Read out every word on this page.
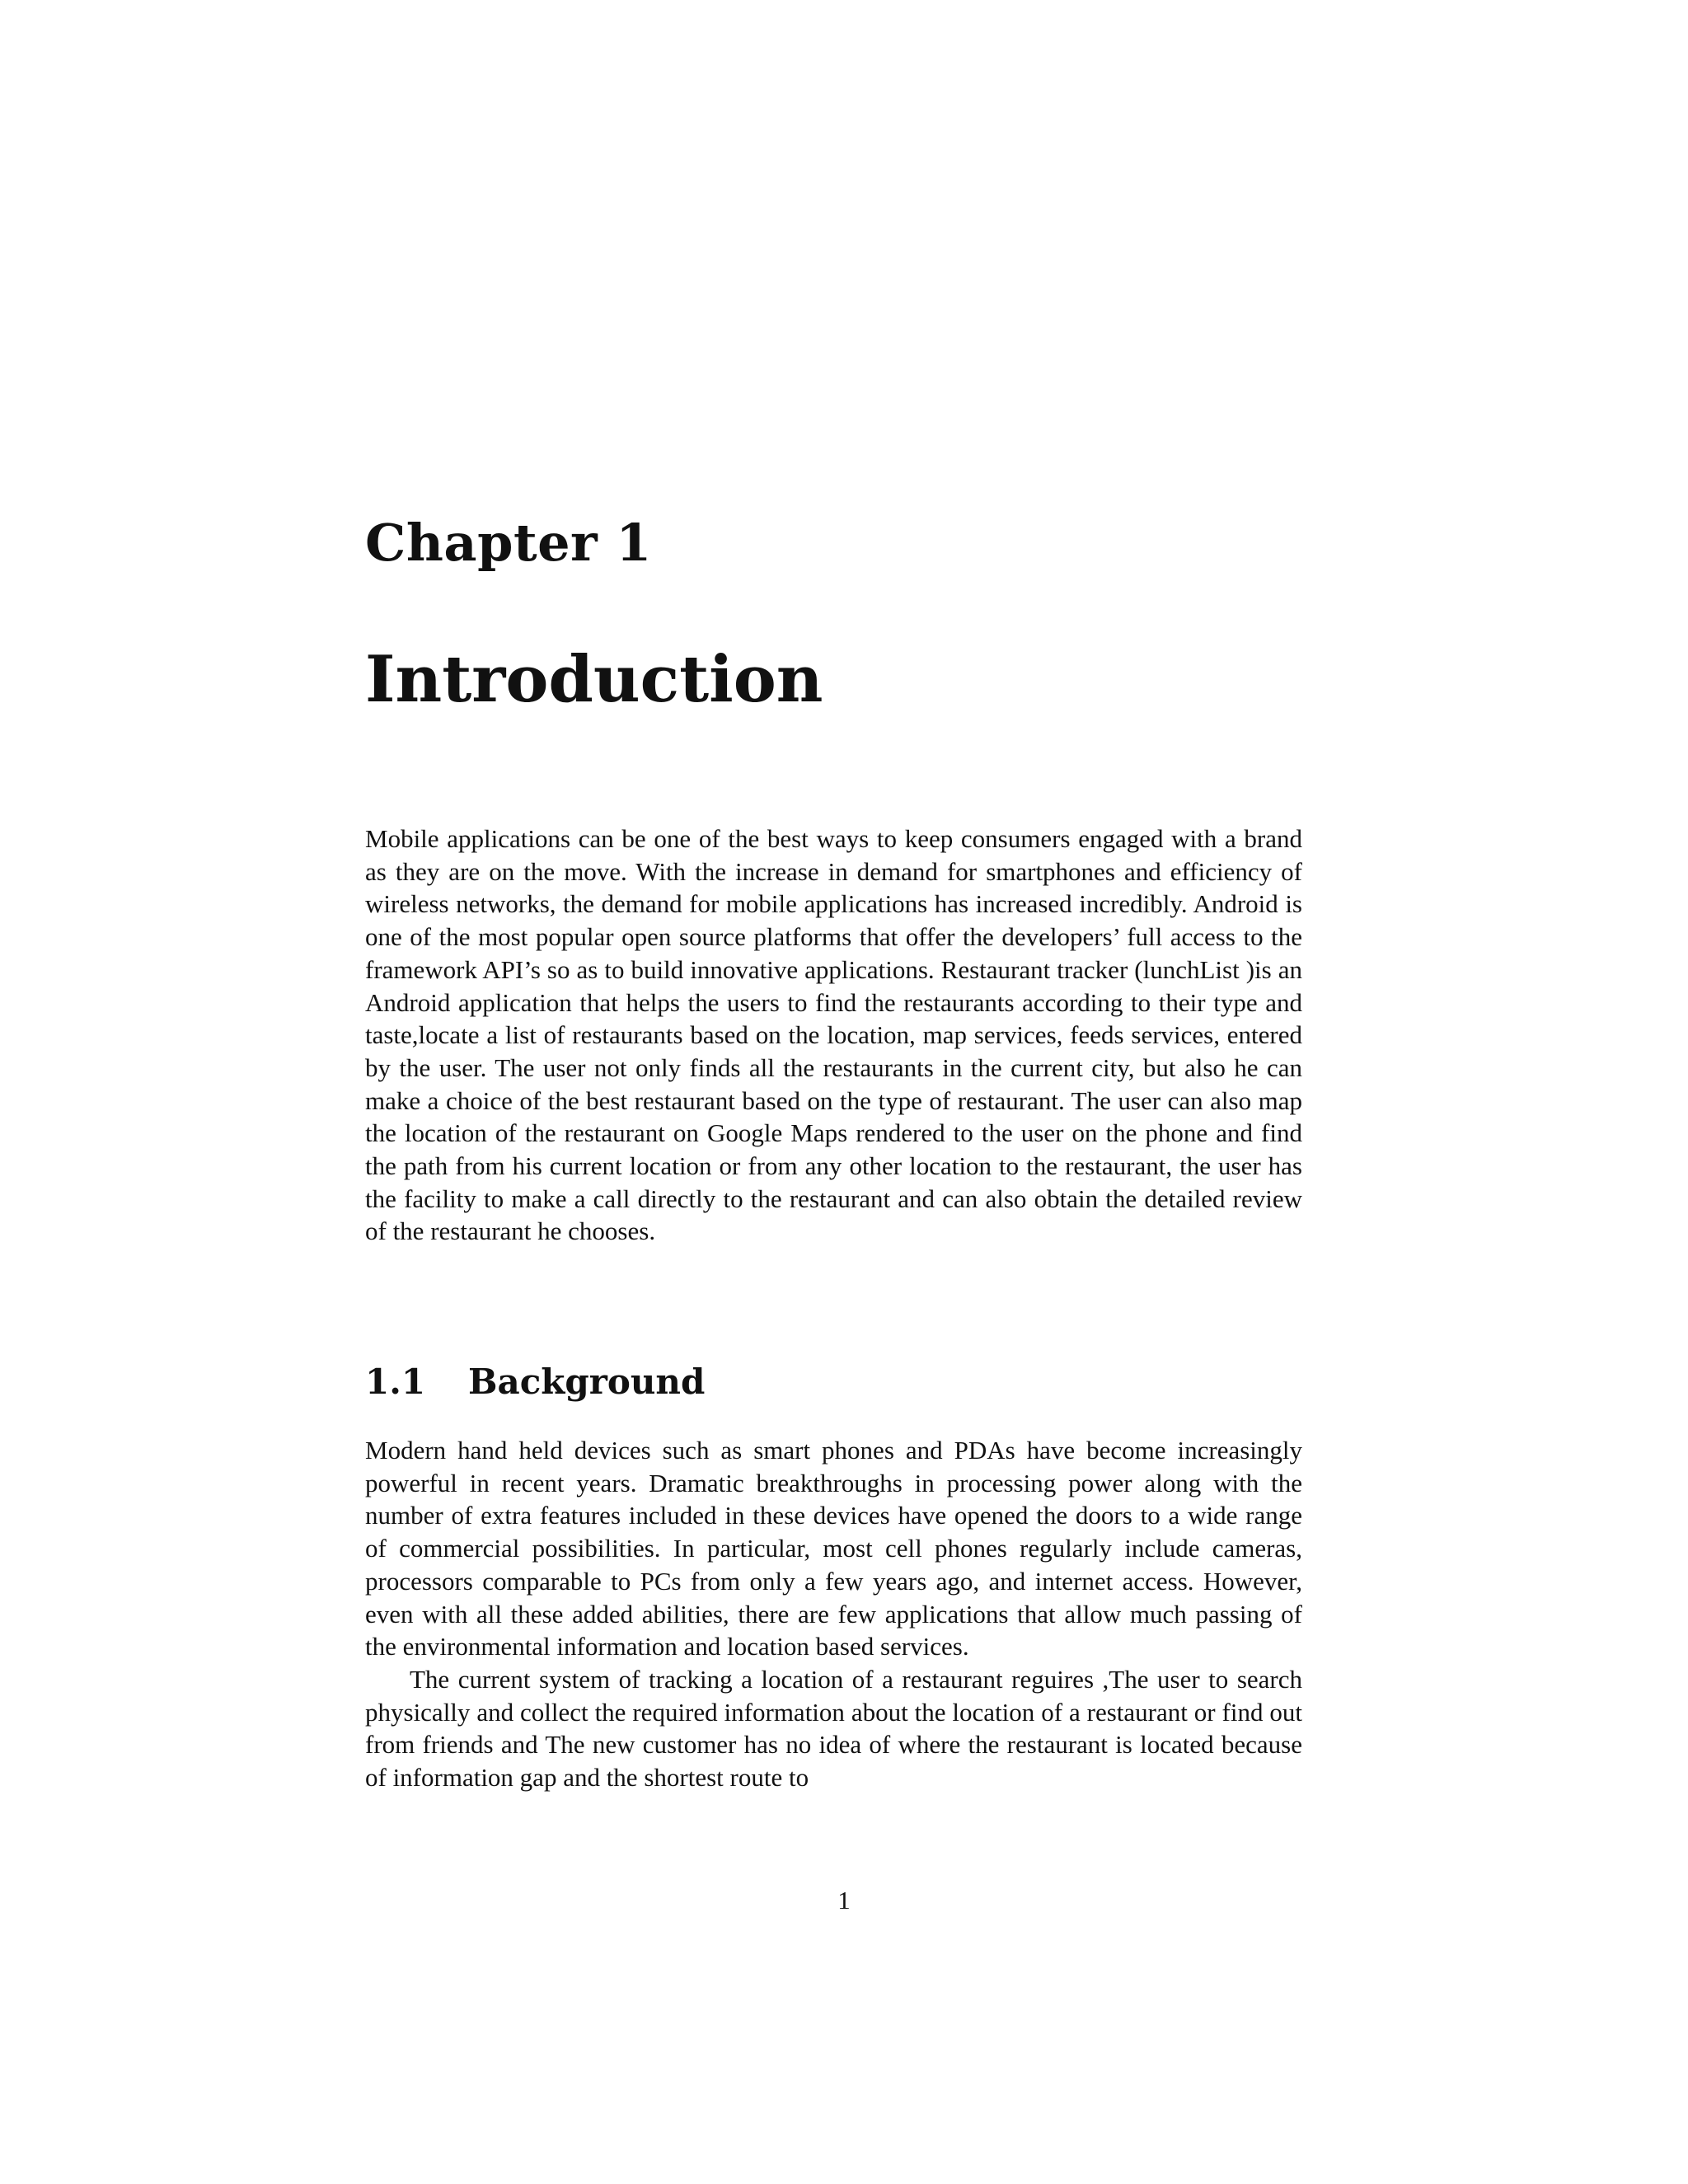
Chapter 1
Introduction

Mobile applications can be one of the best ways to keep consumers engaged with a brand as they are on the move. With the increase in demand for smartphones and efficiency of wireless networks, the demand for mobile applications has increased incredibly. Android is one of the most popular open source platforms that offer the developers’ full access to the framework API’s so as to build innovative applications. Restaurant tracker (lunchList )is an Android application that helps the users to find the restaurants according to their type and taste,locate a list of restaurants based on the location, map services, feeds services, entered by the user. The user not only finds all the restaurants in the current city, but also he can make a choice of the best restaurant based on the type of restaurant. The user can also map the location of the restaurant on Google Maps rendered to the user on the phone and find the path from his current location or from any other location to the restaurant, the user has the facility to make a call directly to the restaurant and can also obtain the detailed review of the restaurant he chooses.

1.1 Background

Modern hand held devices such as smart phones and PDAs have become increasingly powerful in recent years. Dramatic breakthroughs in processing power along with the number of extra features included in these devices have opened the doors to a wide range of commercial possibilities. In particular, most cell phones regularly include cameras, processors comparable to PCs from only a few years ago, and internet access. However, even with all these added abilities, there are few applications that allow much passing of the environmental information and location based services.

The current system of tracking a location of a restaurant reguires ,The user to search physically and collect the required information about the location of a restaurant or find out from friends and The new customer has no idea of where the restaurant is located because of information gap and the shortest route to

1
